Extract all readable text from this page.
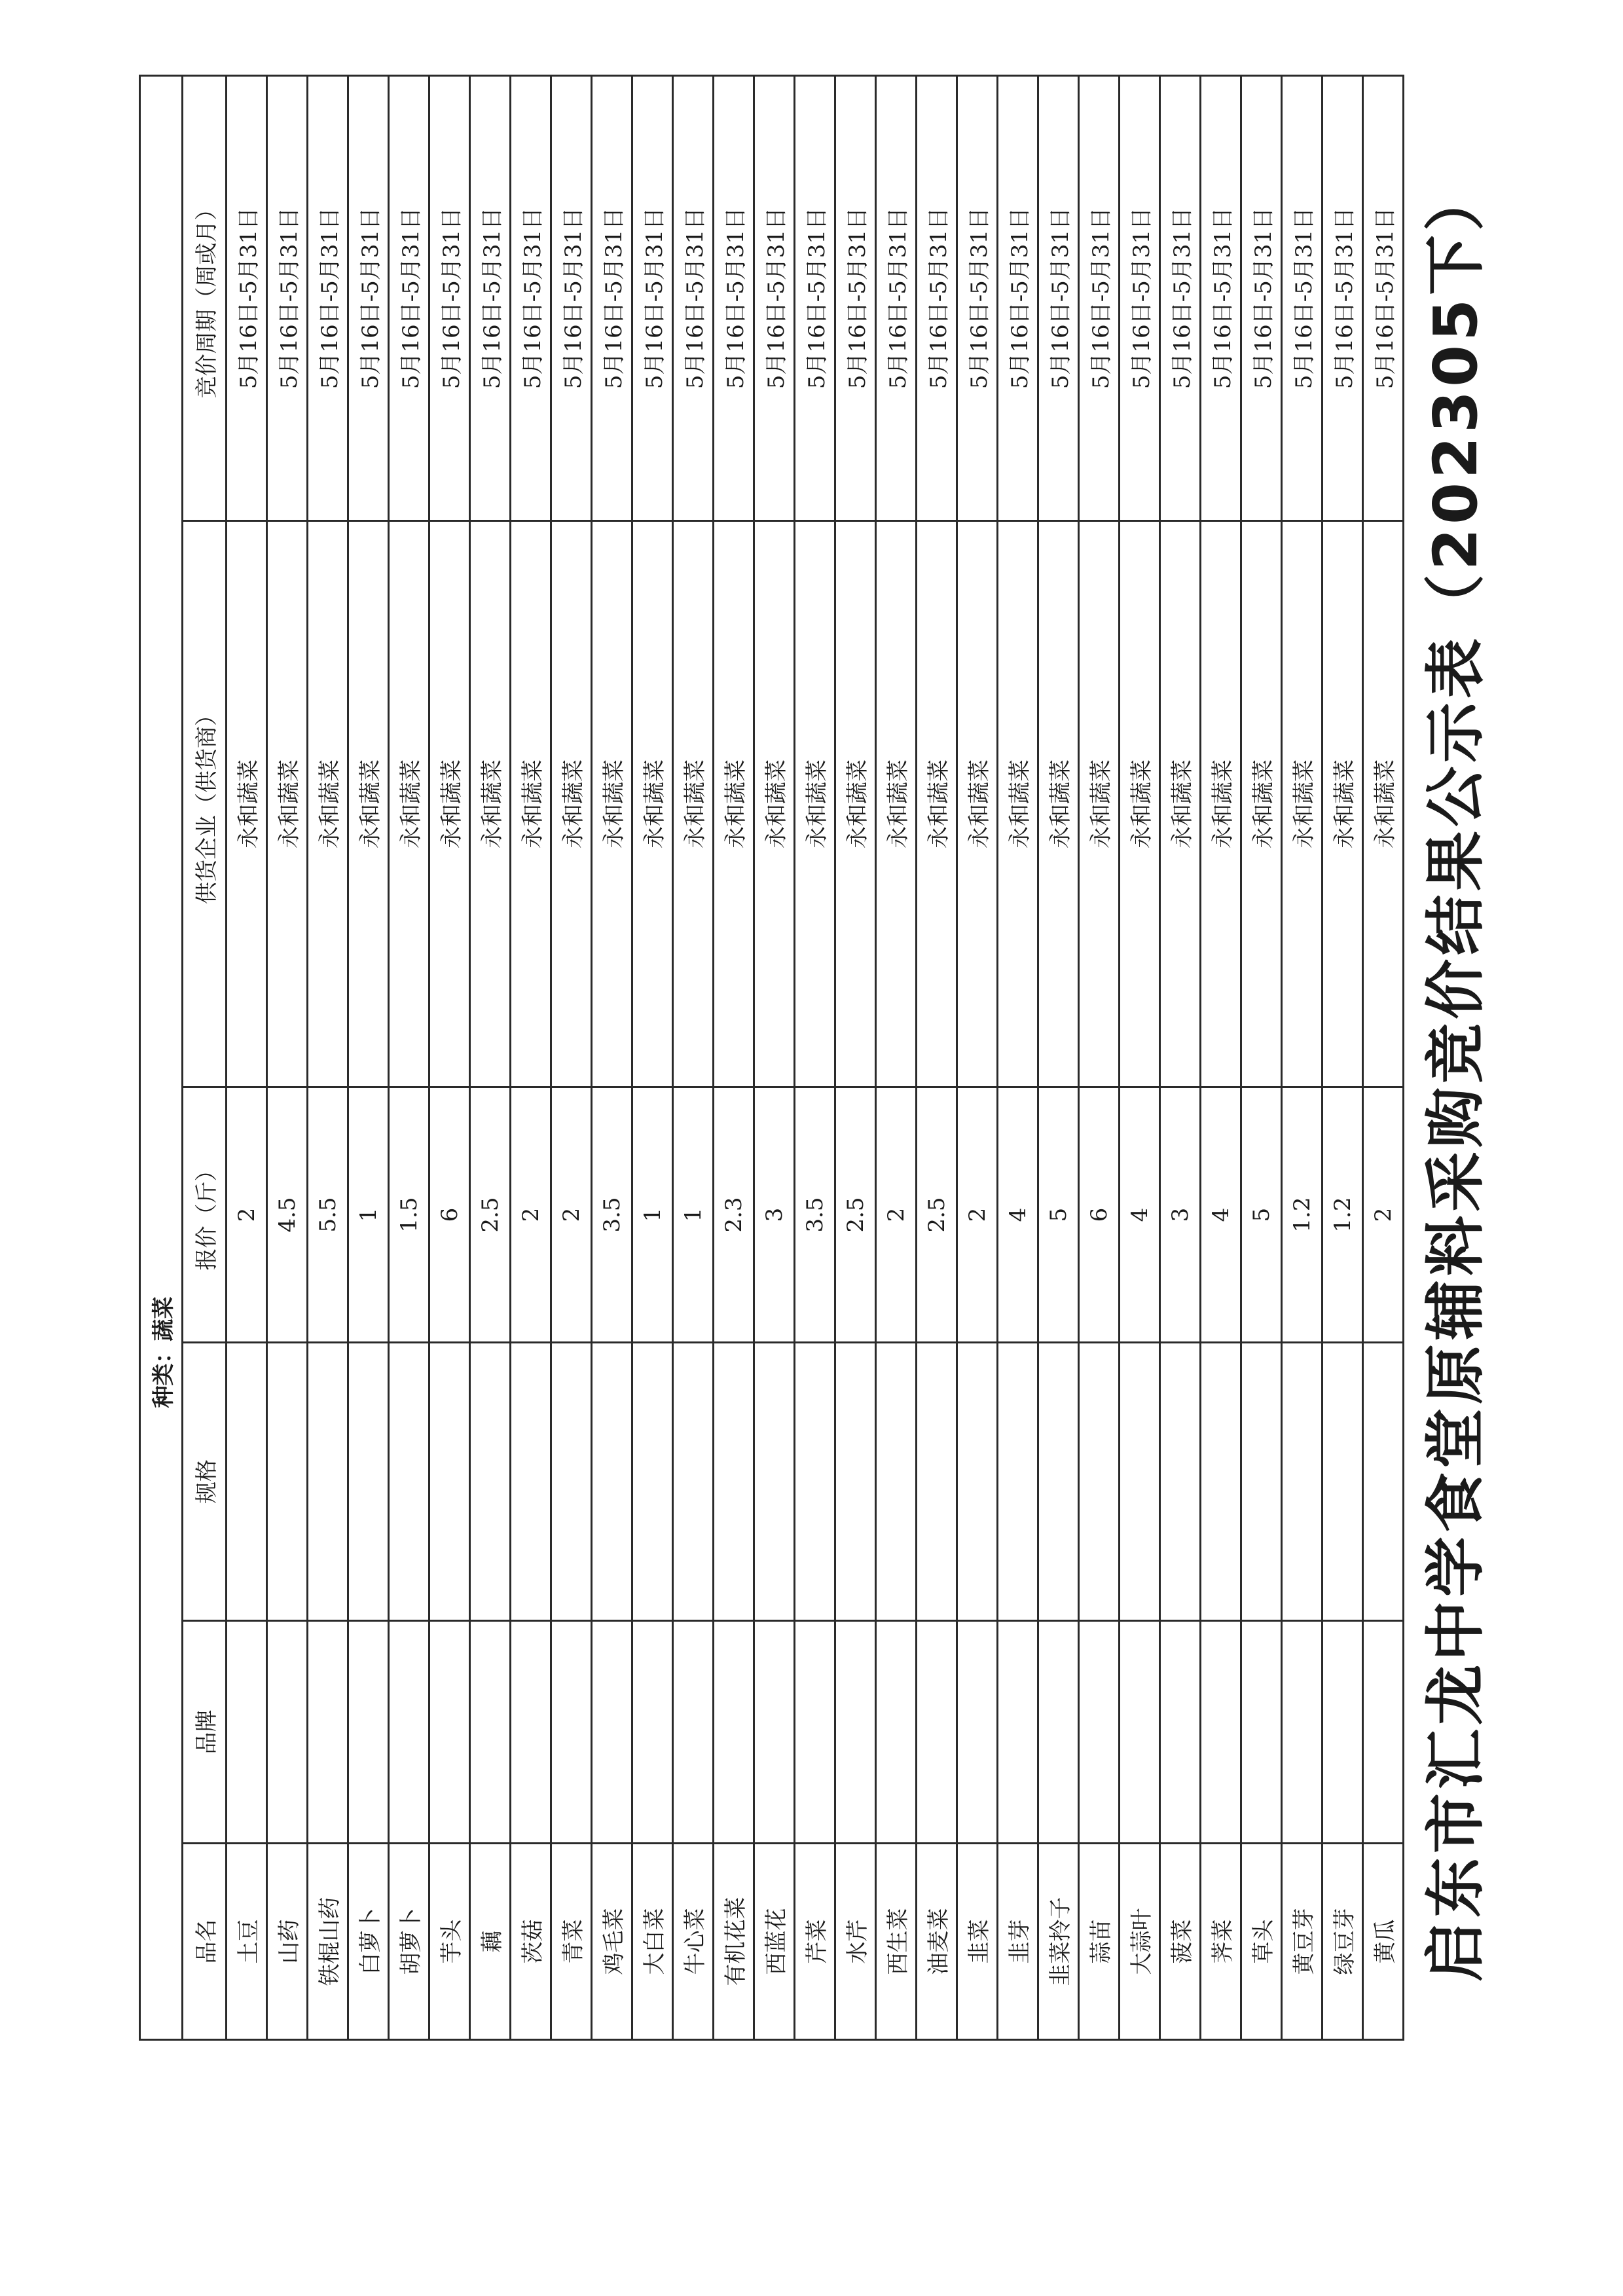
启东市汇龙中学食堂原辅料采购竞价结果公示表（202305下）
种类：蔬菜					
品名	品牌	规格	报价（斤）	供货企业（供货商）	竞价周期（周或月）
土豆			2	永和蔬菜	5月16日-5月31日
山药			4.5	永和蔬菜	5月16日-5月31日
铁棍山药			5.5	永和蔬菜	5月16日-5月31日
白萝卜			1	永和蔬菜	5月16日-5月31日
胡萝卜			1.5	永和蔬菜	5月16日-5月31日
芋头			6	永和蔬菜	5月16日-5月31日
藕			2.5	永和蔬菜	5月16日-5月31日
茨菇			2	永和蔬菜	5月16日-5月31日
青菜			2	永和蔬菜	5月16日-5月31日
鸡毛菜			3.5	永和蔬菜	5月16日-5月31日
大白菜			1	永和蔬菜	5月16日-5月31日
牛心菜			1	永和蔬菜	5月16日-5月31日
有机花菜			2.3	永和蔬菜	5月16日-5月31日
西蓝花			3	永和蔬菜	5月16日-5月31日
芹菜			3.5	永和蔬菜	5月16日-5月31日
水芹			2.5	永和蔬菜	5月16日-5月31日
西生菜			2	永和蔬菜	5月16日-5月31日
油麦菜			2.5	永和蔬菜	5月16日-5月31日
韭菜			2	永和蔬菜	5月16日-5月31日
韭芽			4	永和蔬菜	5月16日-5月31日
韭菜拎子			5	永和蔬菜	5月16日-5月31日
蒜苗			6	永和蔬菜	5月16日-5月31日
大蒜叶			4	永和蔬菜	5月16日-5月31日
菠菜			3	永和蔬菜	5月16日-5月31日
荠菜			4	永和蔬菜	5月16日-5月31日
草头			5	永和蔬菜	5月16日-5月31日
黄豆芽			1.2	永和蔬菜	5月16日-5月31日
绿豆芽			1.2	永和蔬菜	5月16日-5月31日
黄瓜			2	永和蔬菜	5月16日-5月31日
